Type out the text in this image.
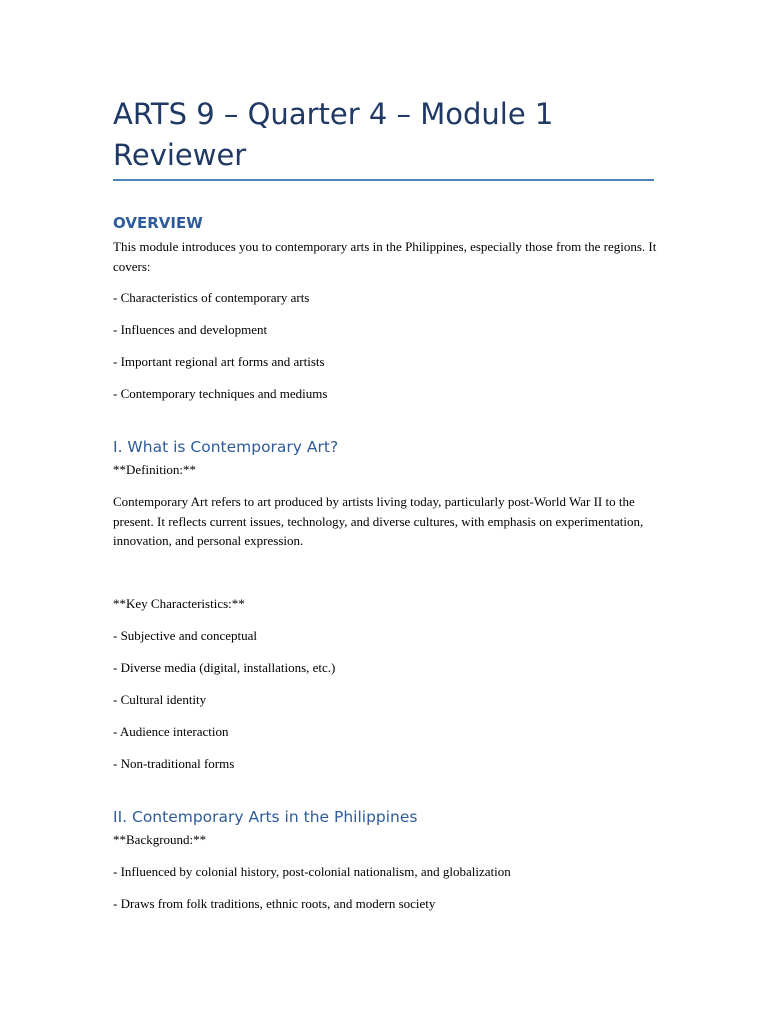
ARTS 9 – Quarter 4 – Module 1 Reviewer
OVERVIEW

This module introduces you to contemporary arts in the Philippines, especially those from the regions. It covers:

- Characteristics of contemporary arts

- Influences and development

- Important regional art forms and artists

- Contemporary techniques and mediums

I. What is Contemporary Art?

**Definition:**

Contemporary Art refers to art produced by artists living today, particularly post-World War II to the present. It reflects current issues, technology, and diverse cultures, with emphasis on experimentation, innovation, and personal expression.

**Key Characteristics:**

- Subjective and conceptual

- Diverse media (digital, installations, etc.)

- Cultural identity

- Audience interaction

- Non-traditional forms

II. Contemporary Arts in the Philippines

**Background:**

- Influenced by colonial history, post-colonial nationalism, and globalization

- Draws from folk traditions, ethnic roots, and modern society
